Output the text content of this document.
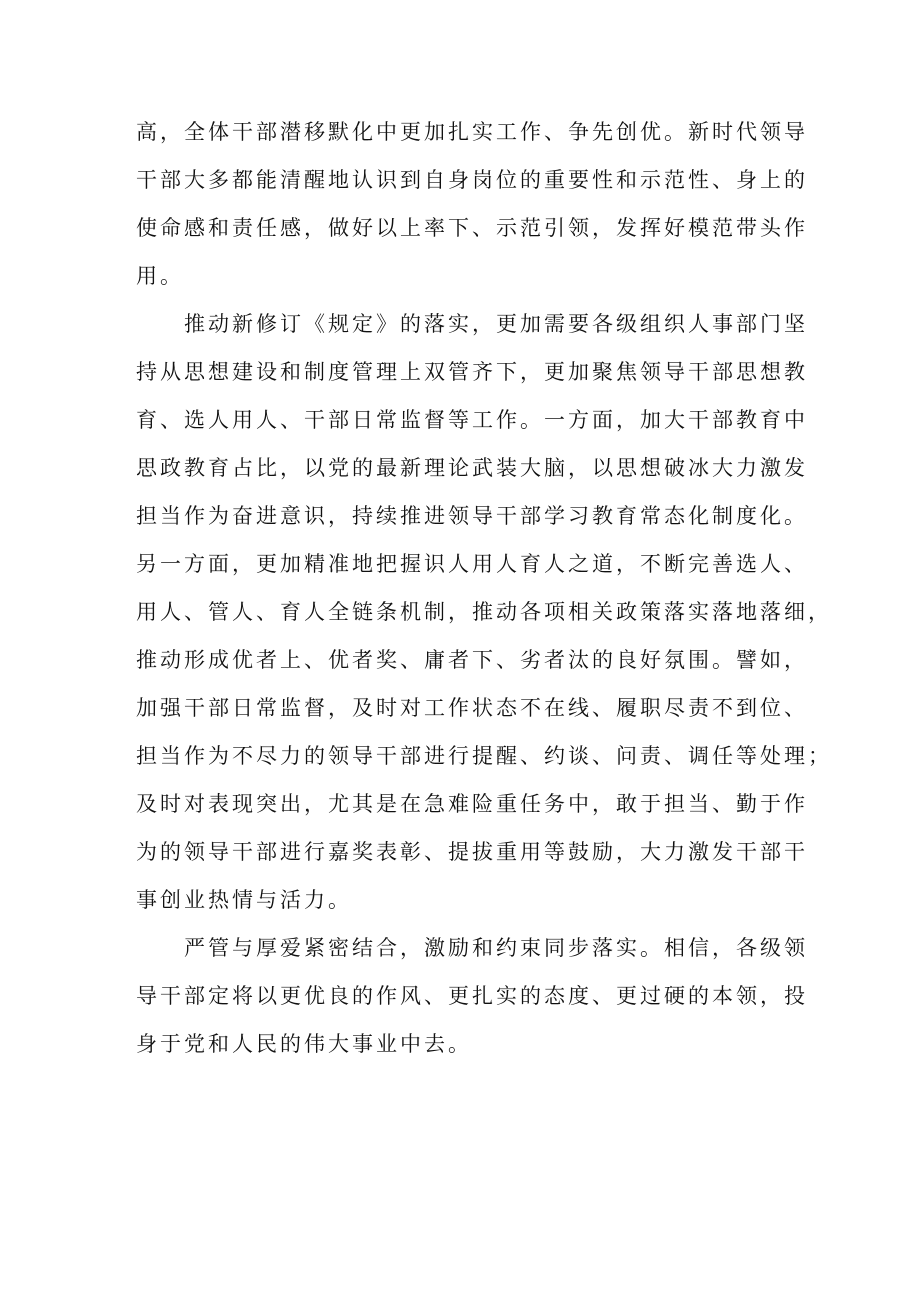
高，全体干部潜移默化中更加扎实工作、争先创优。新时代领导
干部大多都能清醒地认识到自身岗位的重要性和示范性、身上的
使命感和责任感，做好以上率下、示范引领，发挥好模范带头作
用。

推动新修订《规定》的落实，更加需要各级组织人事部门坚
持从思想建设和制度管理上双管齐下，更加聚焦领导干部思想教
育、选人用人、干部日常监督等工作。一方面，加大干部教育中
思政教育占比，以党的最新理论武装大脑，以思想破冰大力激发
担当作为奋进意识，持续推进领导干部学习教育常态化制度化。
另一方面，更加精准地把握识人用人育人之道，不断完善选人、
用人、管人、育人全链条机制，推动各项相关政策落实落地落细，
推动形成优者上、优者奖、庸者下、劣者汰的良好氛围。譬如，
加强干部日常监督，及时对工作状态不在线、履职尽责不到位、
担当作为不尽力的领导干部进行提醒、约谈、问责、调任等处理；
及时对表现突出，尤其是在急难险重任务中，敢于担当、勤于作
为的领导干部进行嘉奖表彰、提拔重用等鼓励，大力激发干部干
事创业热情与活力。

严管与厚爱紧密结合，激励和约束同步落实。相信，各级领
导干部定将以更优良的作风、更扎实的态度、更过硬的本领，投
身于党和人民的伟大事业中去。
